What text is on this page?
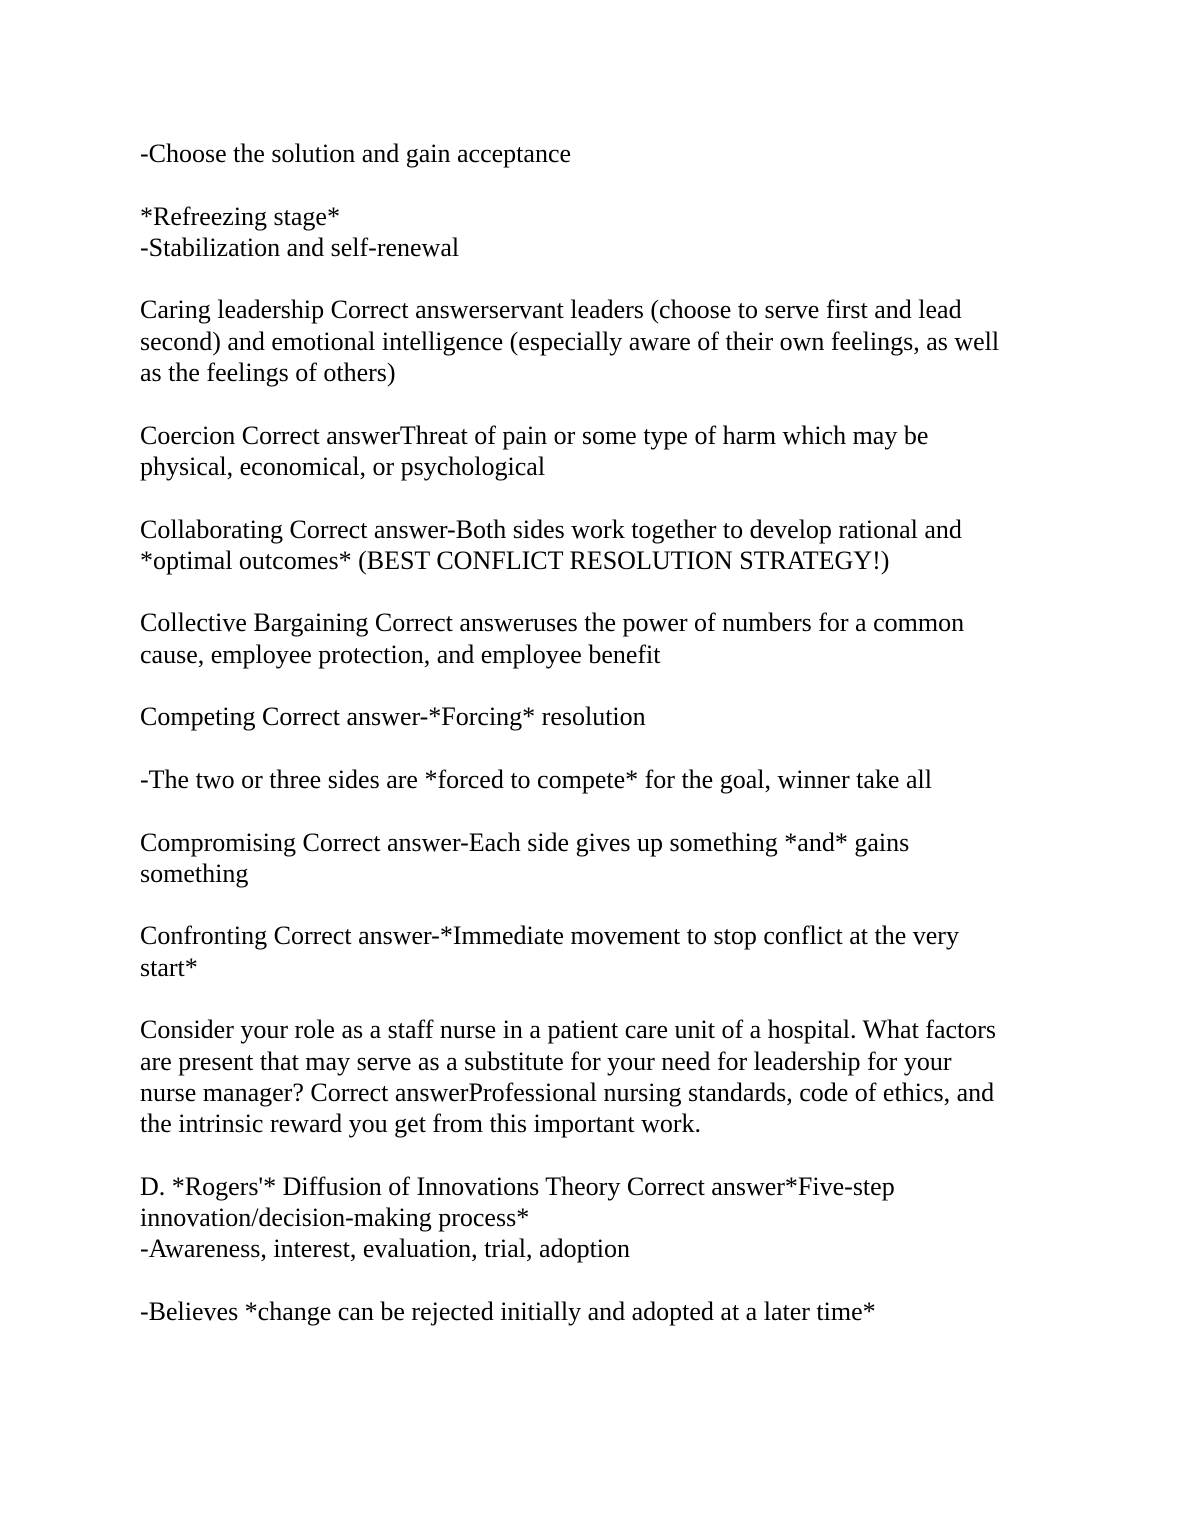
-Choose the solution and gain acceptance
*Refreezing stage*
-Stabilization and self-renewal
Caring leadership Correct answerservant leaders (choose to serve first and lead
second) and emotional intelligence (especially aware of their own feelings, as well
as the feelings of others)
Coercion Correct answerThreat of pain or some type of harm which may be
physical, economical, or psychological
Collaborating Correct answer-Both sides work together to develop rational and
*optimal outcomes* (BEST CONFLICT RESOLUTION STRATEGY!)
Collective Bargaining Correct answeruses the power of numbers for a common
cause, employee protection, and employee benefit
Competing Correct answer-*Forcing* resolution
-The two or three sides are *forced to compete* for the goal, winner take all
Compromising Correct answer-Each side gives up something *and* gains
something
Confronting Correct answer-*Immediate movement to stop conflict at the very
start*
Consider your role as a staff nurse in a patient care unit of a hospital. What factors
are present that may serve as a substitute for your need for leadership for your
nurse manager? Correct answerProfessional nursing standards, code of ethics, and
the intrinsic reward you get from this important work.
D. *Rogers'* Diffusion of Innovations Theory Correct answer*Five-step
innovation/decision-making process*
-Awareness, interest, evaluation, trial, adoption
-Believes *change can be rejected initially and adopted at a later time*
